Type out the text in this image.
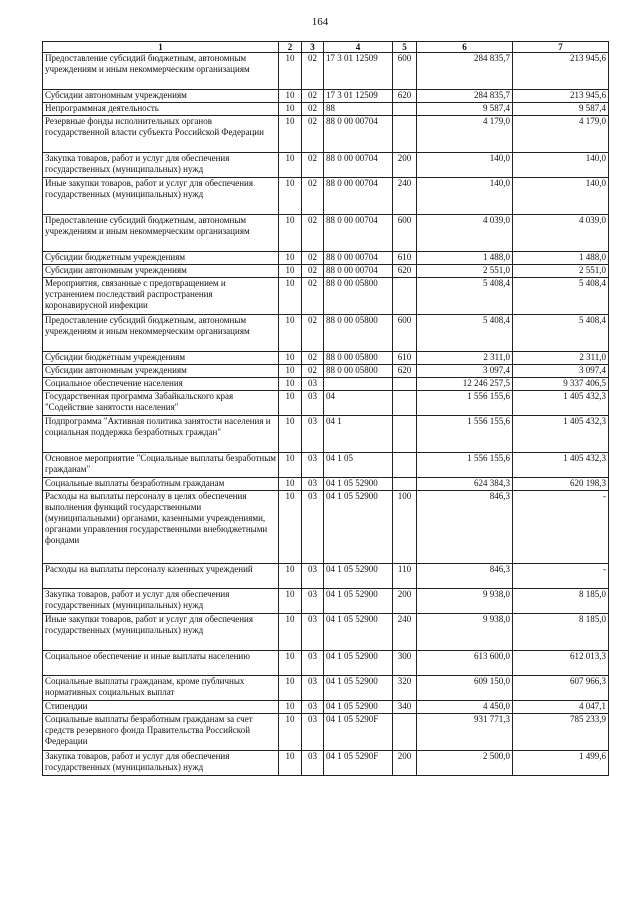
164
1	2	3	4	5	6	7
Предоставление субсидий бюджетным, автономным учреждениям и иным некоммерческим организациям	10	02	17 3 01 12509	600	284 835,7	213 945,6
Субсидии автономным учреждениям	10	02	17 3 01 12509	620	284 835,7	213 945,6
Непрограммная деятельность	10	02	88		9 587,4	9 587,4
Резервные фонды исполнительных органов государственной власти субъекта Российской Федерации	10	02	88 0 00 00704		4 179,0	4 179,0
Закупка товаров, работ и услуг для обеспечения государственных (муниципальных) нужд	10	02	88 0 00 00704	200	140,0	140,0
Иные закупки товаров, работ и услуг для обеспечения государственных (муниципальных) нужд	10	02	88 0 00 00704	240	140,0	140,0
Предоставление субсидий бюджетным, автономным учреждениям и иным некоммерческим организациям	10	02	88 0 00 00704	600	4 039,0	4 039,0
Субсидии бюджетным учреждениям	10	02	88 0 00 00704	610	1 488,0	1 488,0
Субсидии автономным учреждениям	10	02	88 0 00 00704	620	2 551,0	2 551,0
Мероприятия, связанные с предотвращением и устранением последствий распространения коронавирусной инфекции	10	02	88 0 00 05800		5 408,4	5 408,4
Предоставление субсидий бюджетным, автономным учреждениям и иным некоммерческим организациям	10	02	88 0 00 05800	600	5 408,4	5 408,4
Субсидии бюджетным учреждениям	10	02	88 0 00 05800	610	2 311,0	2 311,0
Субсидии автономным учреждениям	10	02	88 0 00 05800	620	3 097,4	3 097,4
Социальное обеспечение населения	10	03			12 246 257,5	9 337 406,5
Государственная программа Забайкальского края "Содействие занятости населения"	10	03	04		1 556 155,6	1 405 432,3
Подпрограмма "Активная политика занятости населения и социальная поддержка безработных граждан"	10	03	04 1		1 556 155,6	1 405 432,3
Основное мероприятие "Социальные выплаты безработным гражданам"	10	03	04 1 05		1 556 155,6	1 405 432,3
Социальные выплаты безработным гражданам	10	03	04 1 05 52900		624 384,3	620 198,3
Расходы на выплаты персоналу в целях обеспечения выполнения функций государственными (муниципальными) органами, казенными учреждениями, органами управления государственными внебюджетными фондами	10	03	04 1 05 52900	100	846,3	-
Расходы на выплаты персоналу казенных учреждений	10	03	04 1 05 52900	110	846,3	-
Закупка товаров, работ и услуг для обеспечения государственных (муниципальных) нужд	10	03	04 1 05 52900	200	9 938,0	8 185,0
Иные закупки товаров, работ и услуг для обеспечения государственных (муниципальных) нужд	10	03	04 1 05 52900	240	9 938,0	8 185,0
Социальное обеспечение и иные выплаты населению	10	03	04 1 05 52900	300	613 600,0	612 013,3
Социальные выплаты гражданам, кроме публичных нормативных социальных выплат	10	03	04 1 05 52900	320	609 150,0	607 966,3
Стипендии	10	03	04 1 05 52900	340	4 450,0	4 047,1
Социальные выплаты безработным гражданам за счет средств резервного фонда Правительства Российской Федерации	10	03	04 1 05 5290F		931 771,3	785 233,9
Закупка товаров, работ и услуг для обеспечения государственных (муниципальных) нужд	10	03	04 1 05 5290F	200	2 500,0	1 499,6
